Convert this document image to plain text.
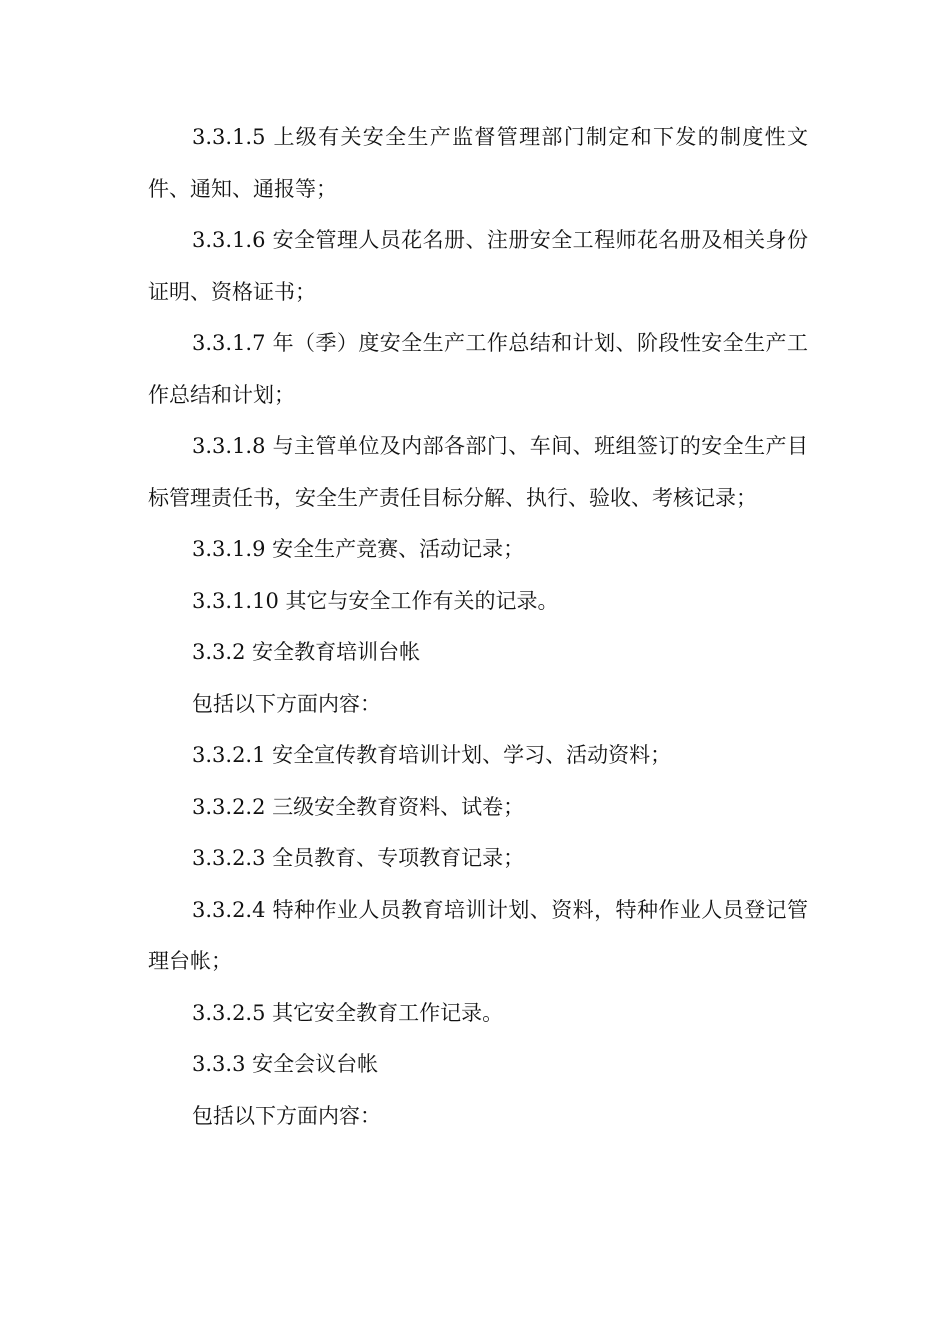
3.3.1.5 上级有关安全生产监督管理部门制定和下发的制度性文件、通知、通报等；

3.3.1.6 安全管理人员花名册、注册安全工程师花名册及相关身份证明、资格证书；

3.3.1.7 年（季）度安全生产工作总结和计划、阶段性安全生产工作总结和计划；

3.3.1.8 与主管单位及内部各部门、车间、班组签订的安全生产目标管理责任书，安全生产责任目标分解、执行、验收、考核记录；

3.3.1.9 安全生产竞赛、活动记录；

3.3.1.10 其它与安全工作有关的记录。

3.3.2 安全教育培训台帐

包括以下方面内容：

3.3.2.1 安全宣传教育培训计划、学习、活动资料；

3.3.2.2 三级安全教育资料、试卷；

3.3.2.3 全员教育、专项教育记录；

3.3.2.4 特种作业人员教育培训计划、资料，特种作业人员登记管理台帐；

3.3.2.5 其它安全教育工作记录。

3.3.3 安全会议台帐

包括以下方面内容：
